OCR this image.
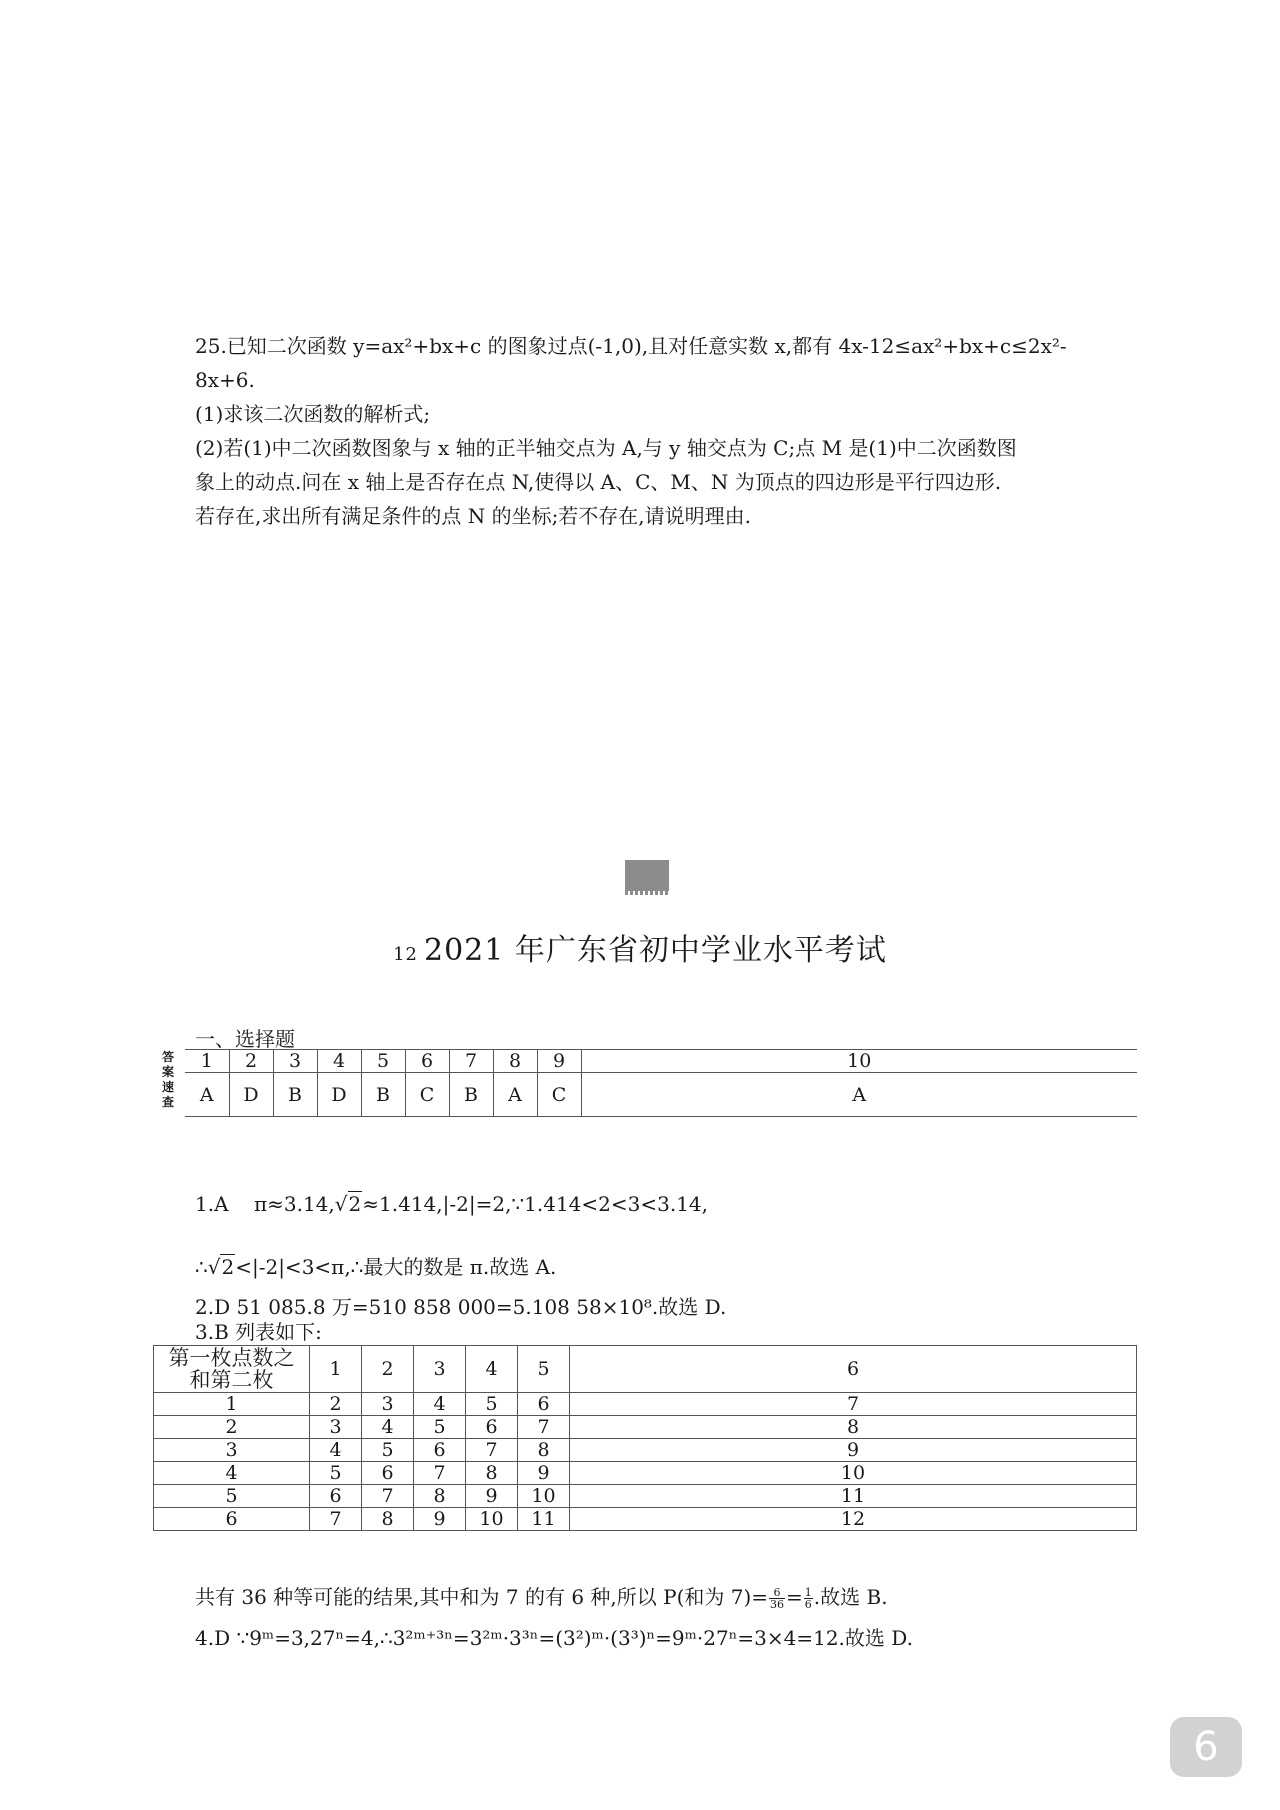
25.已知二次函数 y=ax²+bx+c 的图象过点(-1,0),且对任意实数 x,都有 4x-12≤ax²+bx+c≤2x²-
8x+6.
(1)求该二次函数的解析式;
(2)若(1)中二次函数图象与 x 轴的正半轴交点为 A,与 y 轴交点为 C;点 M 是(1)中二次函数图
象上的动点.问在 x 轴上是否存在点 N,使得以 A、C、M、N 为顶点的四边形是平行四边形.
若存在,求出所有满足条件的点 N 的坐标;若不存在,请说明理由.
12 2021 年广东省初中学业水平考试
一、选择题
答案速查
1	2	3	4	5	6	7	8	9	10
A	D	B	D	B	C	B	A	C	A
1.A π≈3.14,√2≈1.414,|-2|=2,∵1.414<2<3<3.14,
∴√2<|-2|<3<π,∴最大的数是 π.故选 A.
2.D 51 085.8 万=510 858 000=5.108 58×10⁸.故选 D.
3.B 列表如下:
第一枚点数之
和第二枚	1	2	3	4	5	6
1	2	3	4	5	6	7
2	3	4	5	6	7	8
3	4	5	6	7	8	9
4	5	6	7	8	9	10
5	6	7	8	9	10	11
6	7	8	9	10	11	12
共有 36 种等可能的结果,其中和为 7 的有 6 种,所以 P(和为 $7)= \frac{6}{36} = \frac{1}{6}$ .故选 B.
4.D ∵9ᵐ=3,27ⁿ=4,∴3²ᵐ⁺³ⁿ=3²ᵐ·3³ⁿ=(3²)ᵐ·(3³)ⁿ=9ᵐ·27ⁿ=3×4=12.故选 D.
6
